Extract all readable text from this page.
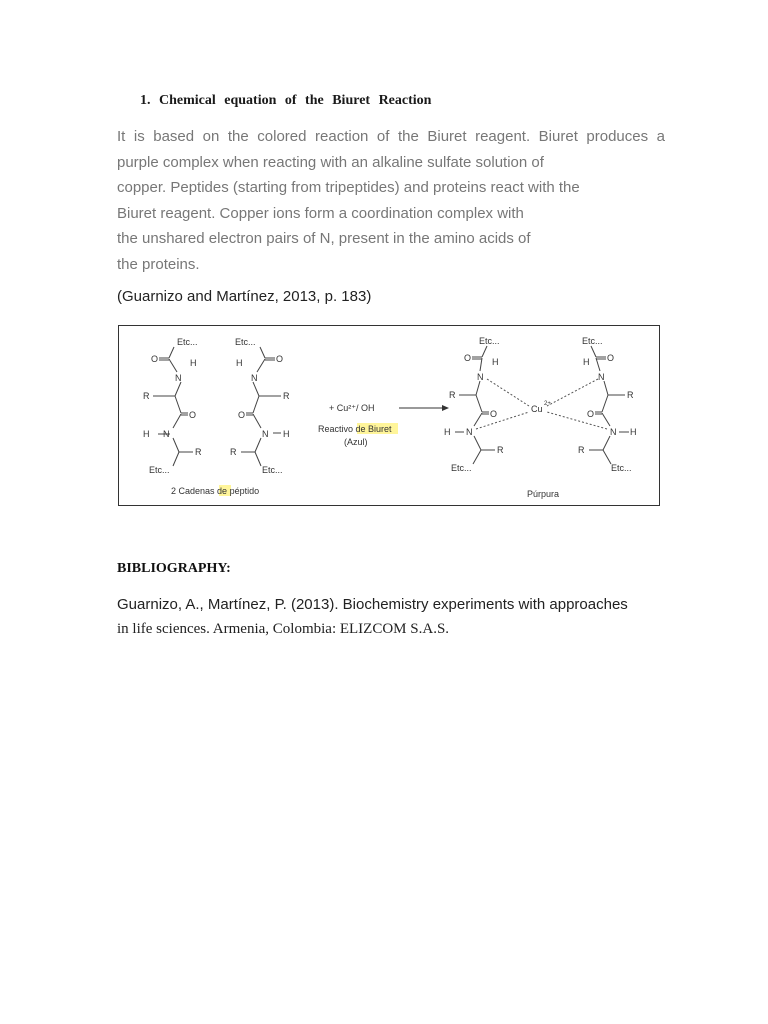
1. Chemical equation of the Biuret Reaction

It is based on the colored reaction of the Biuret reagent. Biuret produces a
purple complex when reacting with an alkaline sulfate solution of
copper. Peptides (starting from tripeptides) and proteins react with the
Biuret reagent. Copper ions form a coordination complex with
the unshared electron pairs of N, present in the amino acids of
the proteins.

(Guarnizo and Martínez, 2013, p. 183)

Etc...
O	H
N
R
O
H N
R
Etc...
Etc...
H	O
N
R
O
N H
R
Etc...
Etc...
O H
N
R
O
H N
R
Etc...
Cu 2+
Etc...
H O
N
R
O
N H
R
Etc...
+ Cu²⁺/ OH
Reactivo de Biuret
(Azul)
2 Cadenas de péptido	Púrpura

BIBLIOGRAPHY:

Guarnizo, A., Martínez, P. (2013). Biochemistry experiments with approaches

in life sciences. Armenia, Colombia: ELIZCOM S.A.S.
